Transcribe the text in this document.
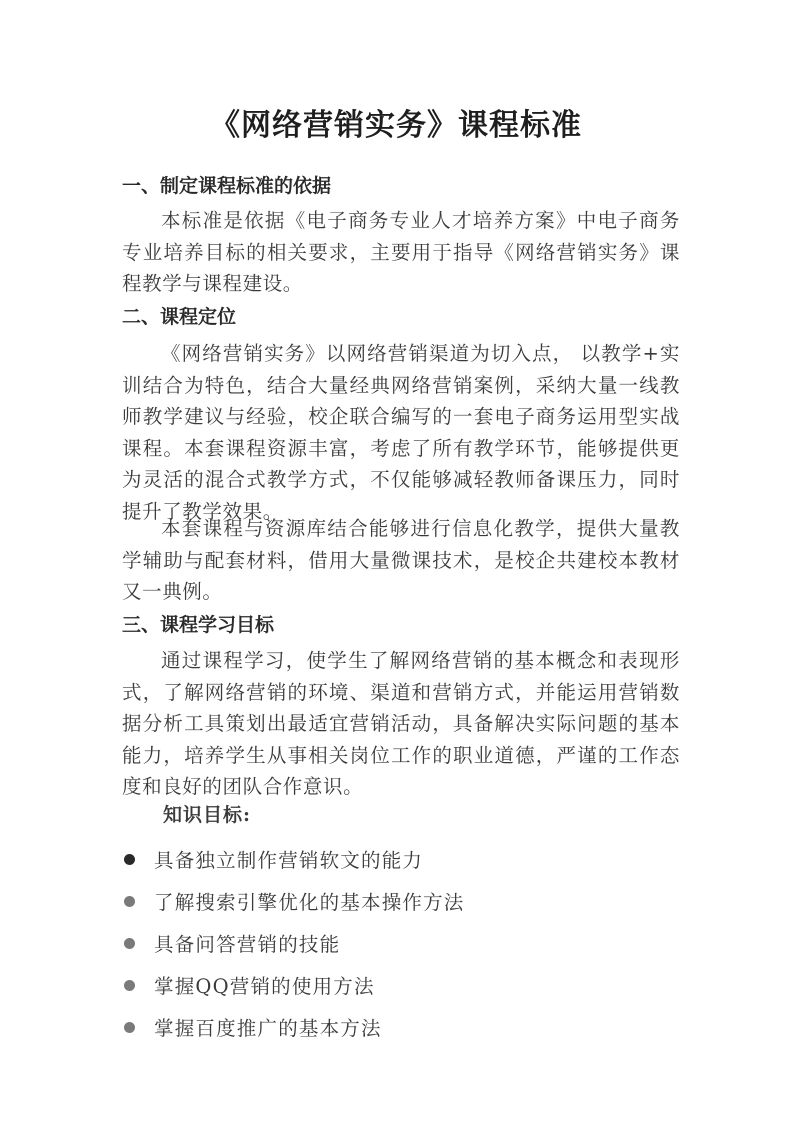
《网络营销实务》课程标准
一、制定课程标准的依据

本标准是依据《电子商务专业人才培养方案》中电子商务专业培养目标的相关要求，主要用于指导《网络营销实务》课程教学与课程建设。

二、课程定位

《网络营销实务》以网络营销渠道为切入点， 以教学+实训结合为特色，结合大量经典网络营销案例，采纳大量一线教师教学建议与经验，校企联合编写的一套电子商务运用型实战课程。本套课程资源丰富，考虑了所有教学环节，能够提供更 为灵活的混合式教学方式，不仅能够减轻教师备课压力，同时提升了教学效果。

本套课程与资源库结合能够进行信息化教学，提供大量教学辅助与配套材料，借用大量微课技术，是校企共建校本教材又一典例。

三、课程学习目标

通过课程学习，使学生了解网络营销的基本概念和表现形式，了解网络营销的环境、渠道和营销方式，并能运用营销数据分析工具策划出最适宜营销活动，具备解决实际问题的基本能力，培养学生从事相关岗位工作的职业道德，严谨的工作态度和良好的团队合作意识。

知识目标:

具备独立制作营销软文的能力
了解搜索引擎优化的基本操作方法
具备问答营销的技能
掌握QQ营销的使用方法
掌握百度推广的基本方法
